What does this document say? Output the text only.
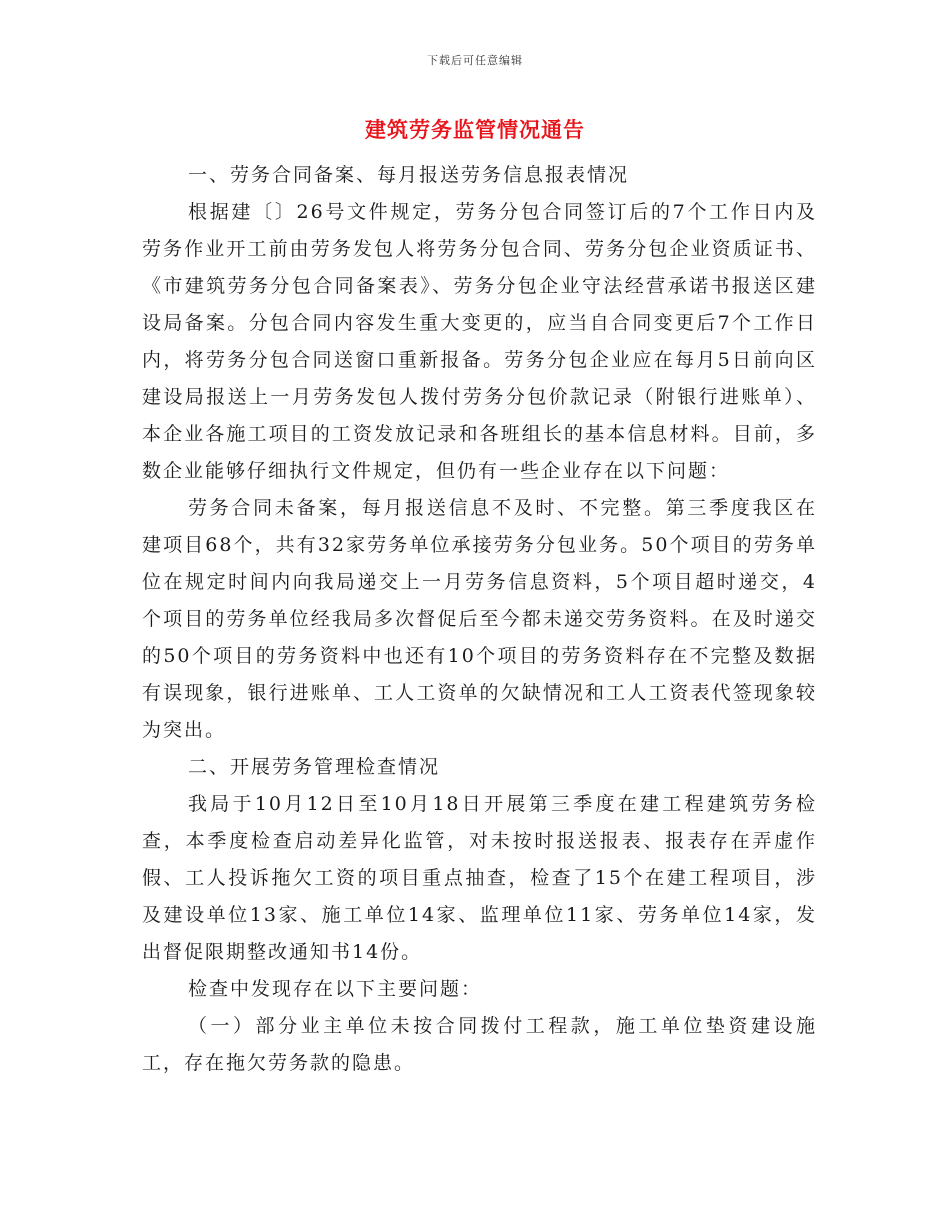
下载后可任意编辑
建筑劳务监管情况通告

一、劳务合同备案、每月报送劳务信息报表情况

根据建〔〕26号文件规定，劳务分包合同签订后的7个工作日内及劳务作业开工前由劳务发包人将劳务分包合同、劳务分包企业资质证书、《市建筑劳务分包合同备案表》、劳务分包企业守法经营承诺书报送区建设局备案。分包合同内容发生重大变更的，应当自合同变更后7个工作日内，将劳务分包合同送窗口重新报备。劳务分包企业应在每月5日前向区建设局报送上一月劳务发包人拨付劳务分包价款记录（附银行进账单）、本企业各施工项目的工资发放记录和各班组长的基本信息材料。目前，多数企业能够仔细执行文件规定，但仍有一些企业存在以下问题：

劳务合同未备案，每月报送信息不及时、不完整。第三季度我区在建项目68个，共有32家劳务单位承接劳务分包业务。50个项目的劳务单位在规定时间内向我局递交上一月劳务信息资料，5个项目超时递交，4个项目的劳务单位经我局多次督促后至今都未递交劳务资料。在及时递交的50个项目的劳务资料中也还有10个项目的劳务资料存在不完整及数据有误现象，银行进账单、工人工资单的欠缺情况和工人工资表代签现象较为突出。

二、开展劳务管理检查情况

我局于10月12日至10月18日开展第三季度在建工程建筑劳务检查，本季度检查启动差异化监管，对未按时报送报表、报表存在弄虚作假、工人投诉拖欠工资的项目重点抽查，检查了15个在建工程项目，涉及建设单位13家、施工单位14家、监理单位11家、劳务单位14家，发出督促限期整改通知书14份。

检查中发现存在以下主要问题：

（一）部分业主单位未按合同拨付工程款，施工单位垫资建设施工，存在拖欠劳务款的隐患。
